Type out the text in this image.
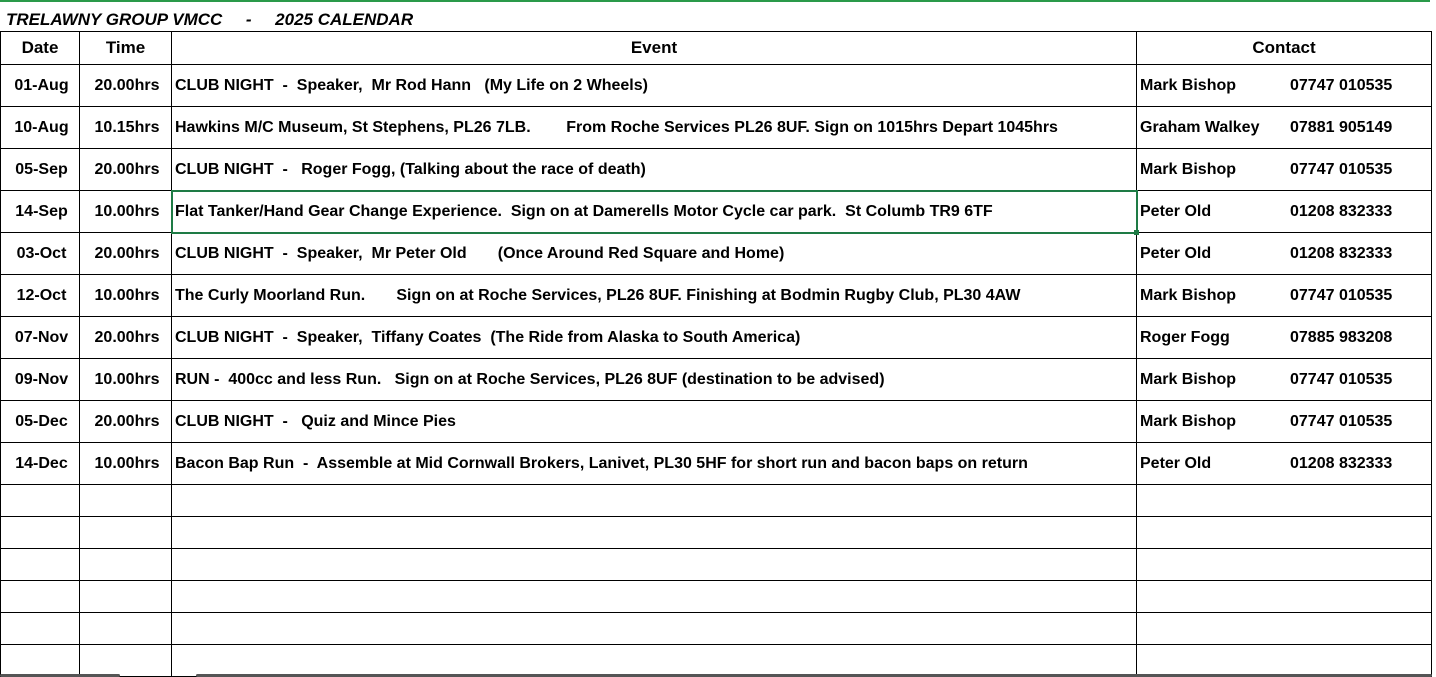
TRELAWNY GROUP VMCC     -     2025 CALENDAR
Date	Time	Event	Contact
01-Aug	20.00hrs	CLUB NIGHT  -  Speaker,  Mr Rod Hann   (My Life on 2 Wheels)	Mark Bishop 07747 010535
10-Aug	10.15hrs	Hawkins M/C Museum, St Stephens, PL26 7LB.        From Roche Services PL26 8UF. Sign on 1015hrs Depart 1045hrs	Graham Walkey 07881 905149
05-Sep	20.00hrs	CLUB NIGHT  -   Roger Fogg, (Talking about the race of death)	Mark Bishop 07747 010535
14-Sep	10.00hrs	Flat Tanker/Hand Gear Change Experience.  Sign on at Damerells Motor Cycle car park.  St Columb TR9 6TF	Peter Old 01208 832333
03-Oct	20.00hrs	CLUB NIGHT  -  Speaker,  Mr Peter Old       (Once Around Red Square and Home)	Peter Old 01208 832333
12-Oct	10.00hrs	The Curly Moorland Run.       Sign on at Roche Services, PL26 8UF. Finishing at Bodmin Rugby Club, PL30 4AW	Mark Bishop 07747 010535
07-Nov	20.00hrs	CLUB NIGHT  -  Speaker,  Tiffany Coates  (The Ride from Alaska to South America)	Roger Fogg 07885 983208
09-Nov	10.00hrs	RUN -  400cc and less Run.   Sign on at Roche Services, PL26 8UF (destination to be advised)	Mark Bishop 07747 010535
05-Dec	20.00hrs	CLUB NIGHT  -   Quiz and Mince Pies	Mark Bishop 07747 010535
14-Dec	10.00hrs	Bacon Bap Run  -  Assemble at Mid Cornwall Brokers, Lanivet, PL30 5HF for short run and bacon baps on return	Peter Old 01208 832333
